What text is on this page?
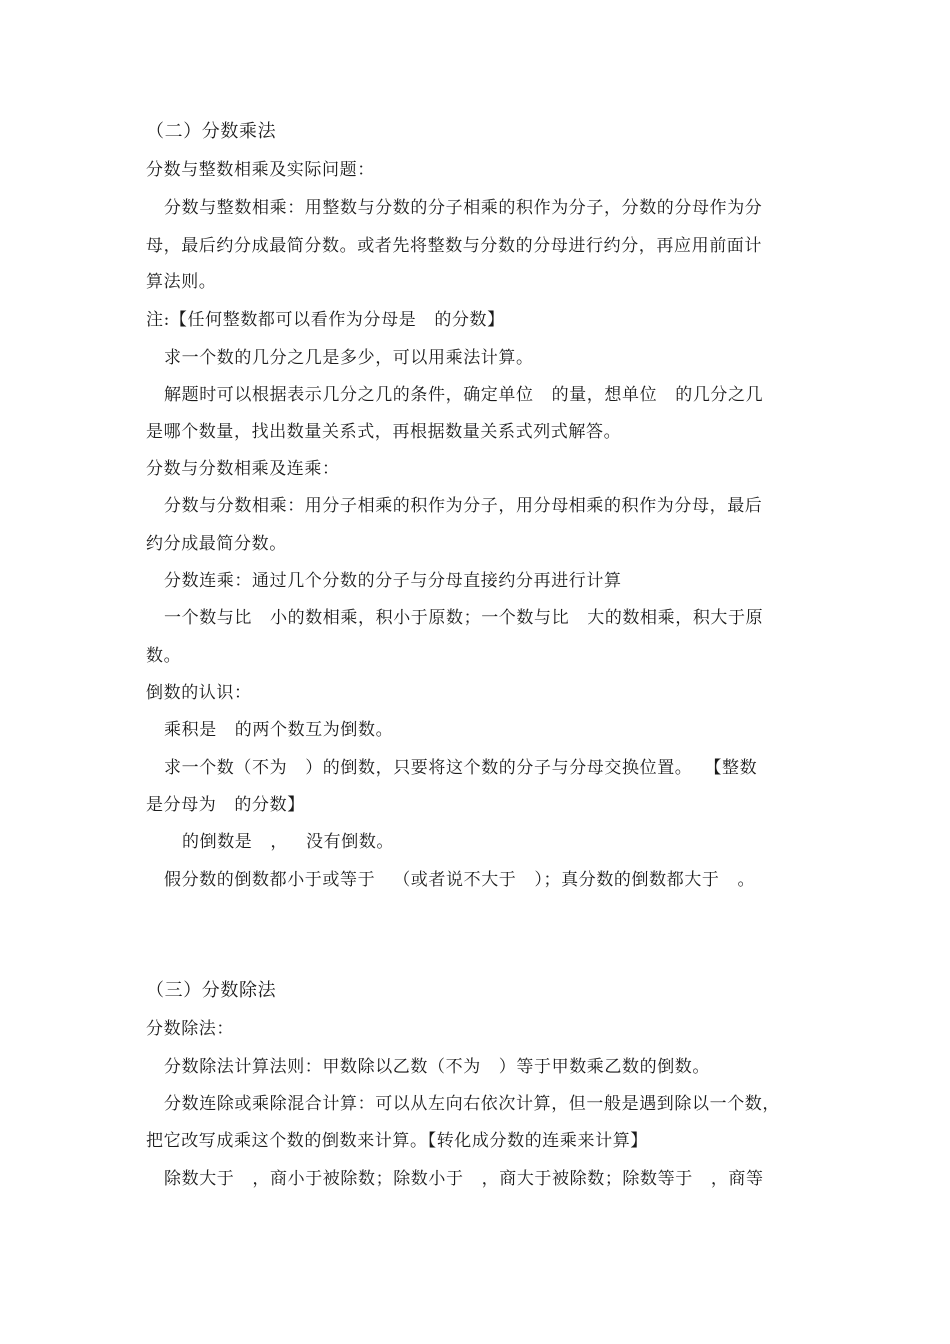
（二）分数乘法
分数与整数相乘及实际问题：
分数与整数相乘：用整数与分数的分子相乘的积作为分子，分数的分母作为分
母，最后约分成最简分数。或者先将整数与分数的分母进行约分，再应用前面计
算法则。
注:【任何整数都可以看作为分母是   的分数】
求一个数的几分之几是多少，可以用乘法计算。
解题时可以根据表示几分之几的条件，确定单位   的量，想单位   的几分之几
是哪个数量，找出数量关系式，再根据数量关系式列式解答。
分数与分数相乘及连乘：
分数与分数相乘：用分子相乘的积作为分子，用分母相乘的积作为分母，最后
约分成最简分数。
分数连乘：通过几个分数的分子与分母直接约分再进行计算
一个数与比   小的数相乘，积小于原数；一个数与比   大的数相乘，积大于原
数。
倒数的认识：
乘积是   的两个数互为倒数。
求一个数（不为   ）的倒数，只要将这个数的分子与分母交换位置。  【整数
是分母为   的分数】
的倒数是   ，   没有倒数。
假分数的倒数都小于或等于   （或者说不大于   ）；真分数的倒数都大于   。
（三）分数除法
分数除法：
分数除法计算法则：甲数除以乙数（不为   ）等于甲数乘乙数的倒数。
分数连除或乘除混合计算：可以从左向右依次计算，但一般是遇到除以一个数，
把它改写成乘这个数的倒数来计算。【转化成分数的连乘来计算】
除数大于   ，商小于被除数；除数小于   ，商大于被除数；除数等于   ，商等
